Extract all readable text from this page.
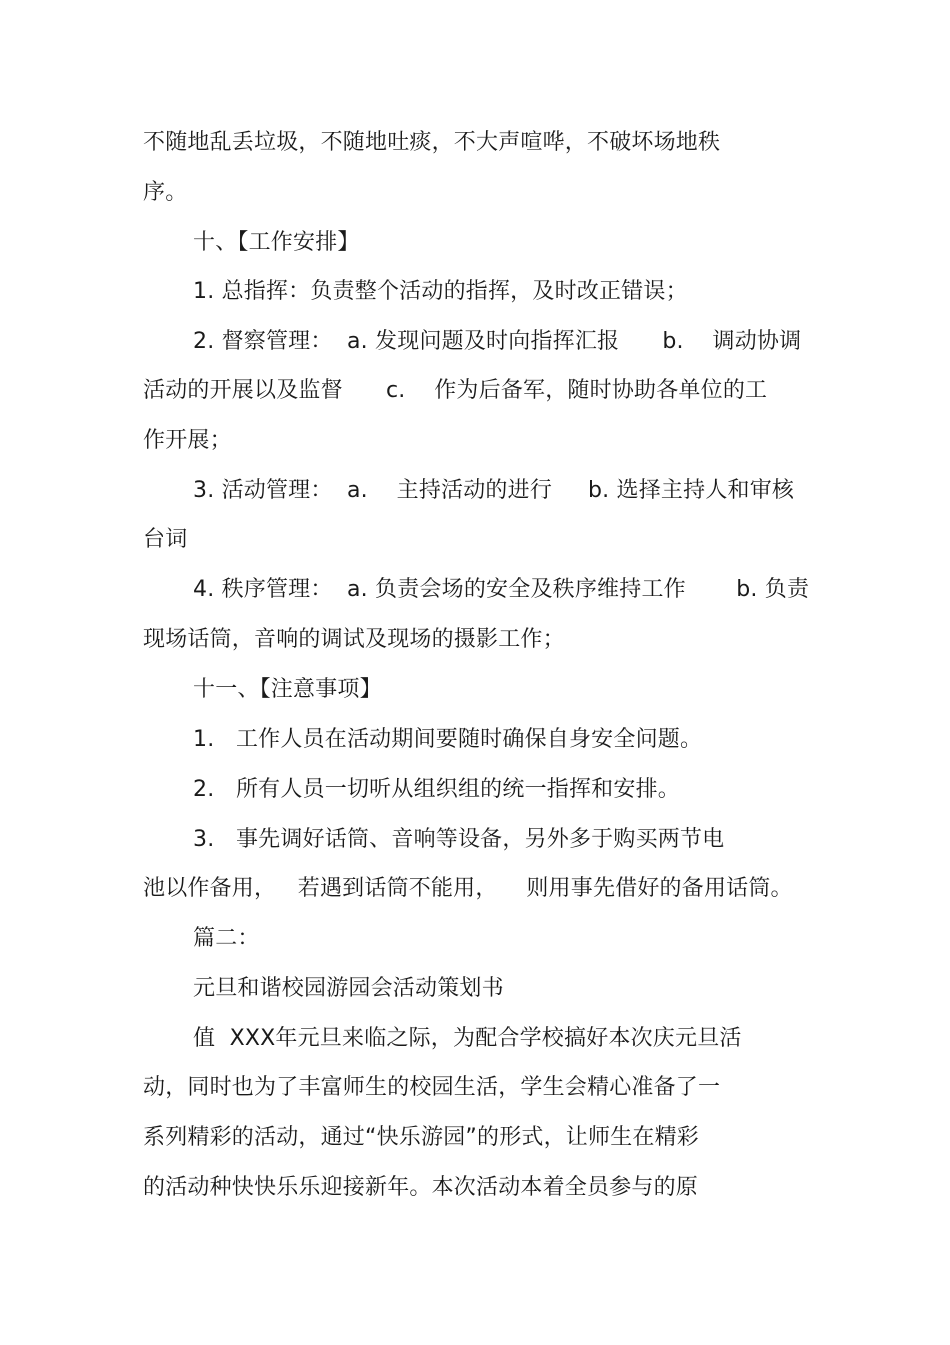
不随地乱丢垃圾，不随地吐痰，不大声喧哗，不破坏场地秩
序。
十、【工作安排】
1. 总指挥：负责整个活动的指挥，及时改正错误；
2. 督察管理：  a. 发现问题及时向指挥汇报      b.    调动协调
活动的开展以及监督      c.    作为后备军，随时协助各单位的工
作开展；
3. 活动管理：  a.    主持活动的进行     b. 选择主持人和审核
台词
4. 秩序管理：  a. 负责会场的安全及秩序维持工作       b. 负责
现场话筒，音响的调试及现场的摄影工作；
十一、【注意事项】
1.   工作人员在活动期间要随时确保自身安全问题。
2.   所有人员一切听从组织组的统一指挥和安排。
3.   事先调好话筒、音响等设备，另外多于购买两节电
池以作备用，   若遇到话筒不能用，    则用事先借好的备用话筒。
篇二：
元旦和谐校园游园会活动策划书
值  XXX年元旦来临之际，为配合学校搞好本次庆元旦活
动，同时也为了丰富师生的校园生活，学生会精心准备了一
系列精彩的活动，通过“快乐游园”的形式，让师生在精彩
的活动种快快乐乐迎接新年。本次活动本着全员参与的原
